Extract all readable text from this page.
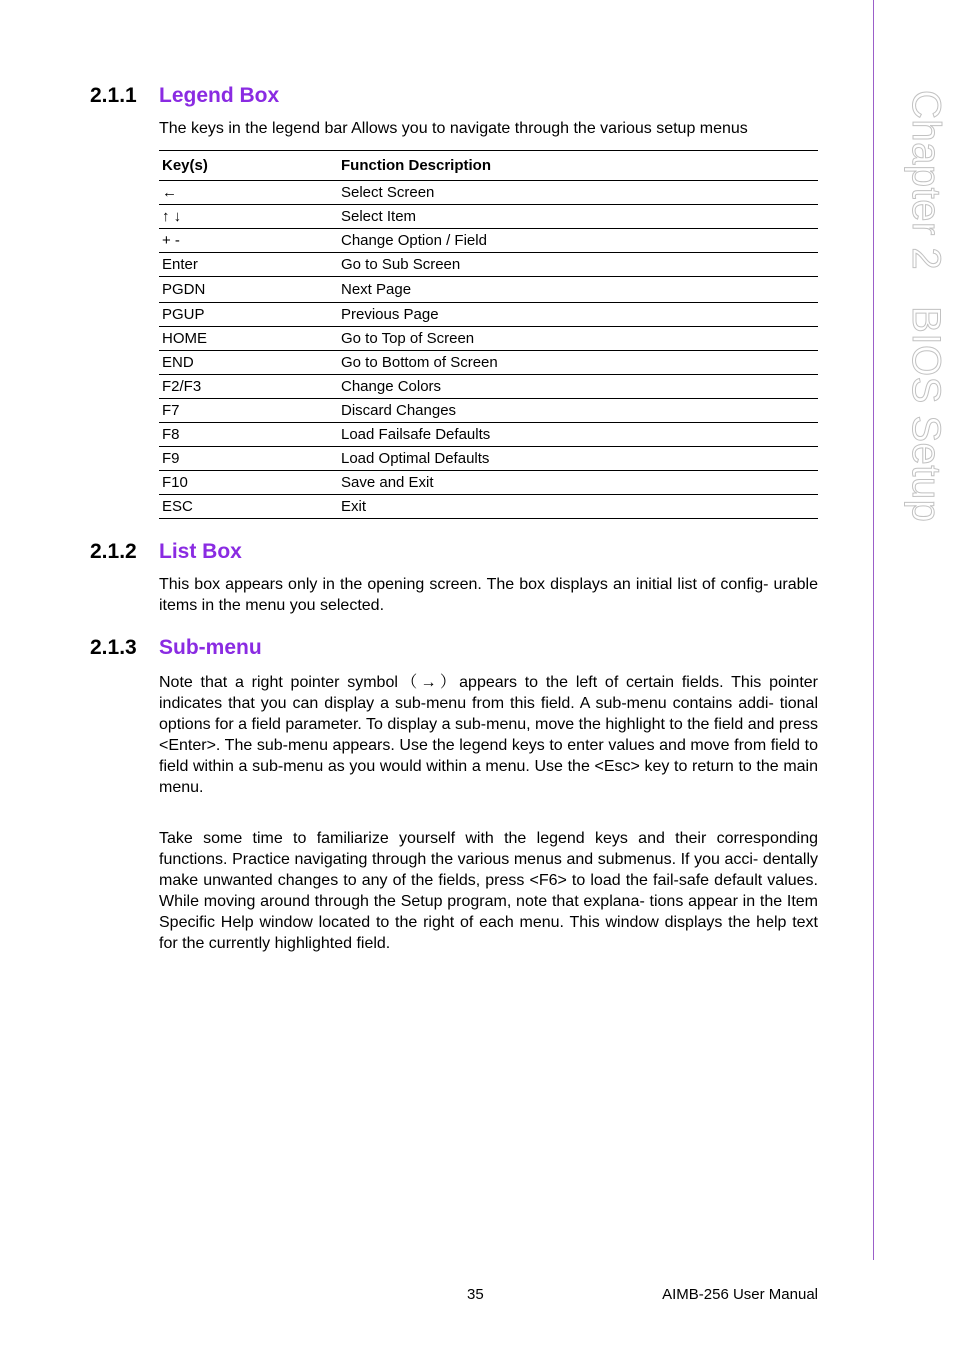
Chapter 2BIOS Setup
2.1.1 Legend Box

The keys in the legend bar Allows you to navigate through the various setup menus

Key(s)	Function Description
←	Select Screen
↑ ↓	Select Item
+ -	Change Option / Field
Enter	Go to Sub Screen
PGDN	Next Page
PGUP	Previous Page
HOME	Go to Top of Screen
END	Go to Bottom of Screen
F2/F3	Change Colors
F7	Discard Changes
F8	Load Failsafe Defaults
F9	Load Optimal Defaults
F10	Save and Exit
ESC	Exit
2.1.2 List Box

This box appears only in the opening screen. The box displays an initial list of config- urable items in the menu you selected.

2.1.3 Sub-menu

Note that a right pointer symbol（→）appears to the left of certain fields. This pointer indicates that you can display a sub-menu from this field. A sub-menu contains addi- tional options for a field parameter. To display a sub-menu, move the highlight to the field and press <Enter>. The sub-menu appears. Use the legend keys to enter values and move from field to field within a sub-menu as you would within a menu. Use the <Esc> key to return to the main menu.

Take some time to familiarize yourself with the legend keys and their corresponding functions. Practice navigating through the various menus and submenus. If you acci- dentally make unwanted changes to any of the fields, press <F6> to load the fail-safe default values. While moving around through the Setup program, note that explana- tions appear in the Item Specific Help window located to the right of each menu. This window displays the help text for the currently highlighted field.

35	AIMB-256 User Manual
